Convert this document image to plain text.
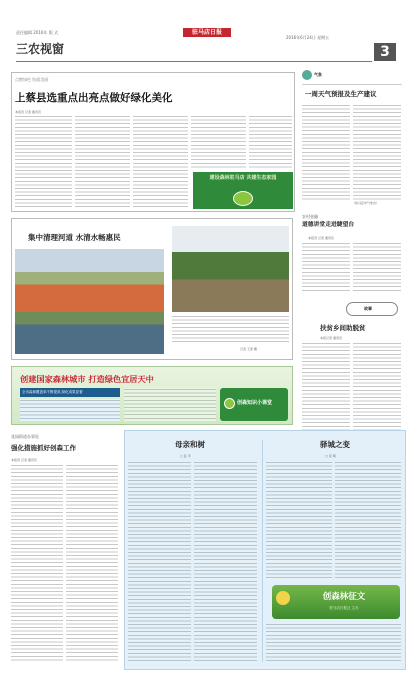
责任编辑 2016年 版 式
三农视窗
驻马店日报
2016年6月24日 星期五
3
点燃绿色 绘就美丽
上蔡县选重点出亮点做好绿化美化
本报讯 记者 通讯员
建设森林驻马店 共建生态家园
气象
一周天气预报及生产建议
（驻马店市气象台）
集中清理河道 水清水畅惠民
记者 王雷 摄
农村金融
道德讲堂走进睫望台
本报讯 记者 通讯员
故事
扶贫乡间助脱贫
本报记者 通讯员
创建国家森林城市 打造绿色宜居天中
全市森林覆盖率不断提高 绿化成果显著
创森知识小课堂
花园街道办事处
强化措施抓好创森工作
本报讯 记者 通讯员
母亲和树
□ 张 平
驿城之变
□ 宋 明
创森林征文
驻马店日报社 主办
